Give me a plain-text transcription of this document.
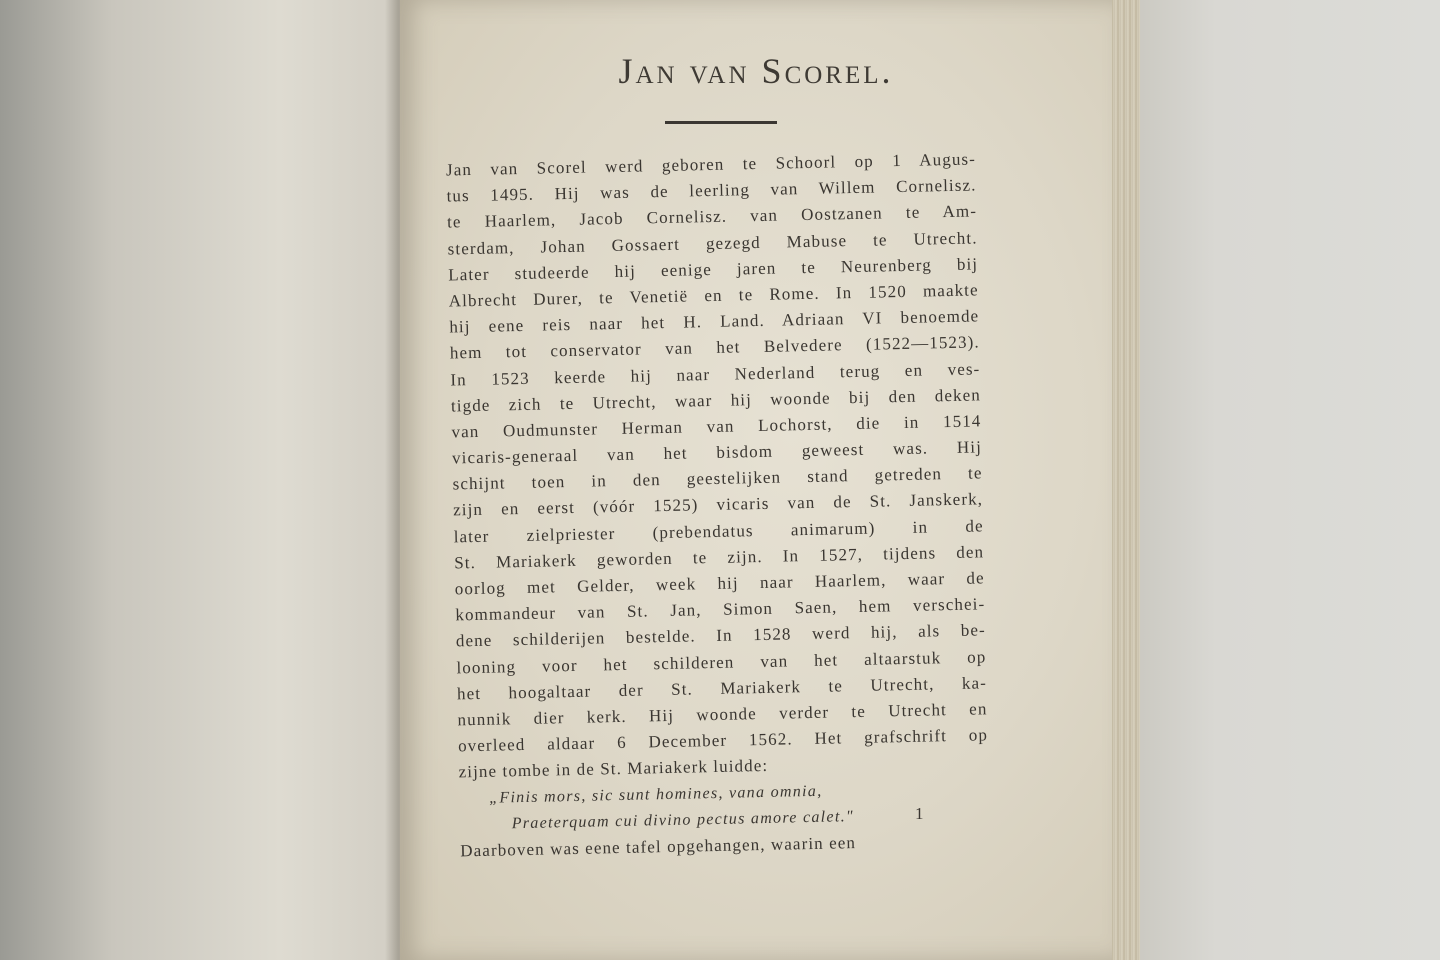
Jan van Scorel.
Jan van Scorel werd geboren te Schoorl op 1 Augus-
tus 1495. Hij was de leerling van Willem Cornelisz.
te Haarlem, Jacob Cornelisz. van Oostzanen te Am-
sterdam, Johan Gossaert gezegd Mabuse te Utrecht.
Later studeerde hij eenige jaren te Neurenberg bij
Albrecht Durer, te Venetië en te Rome. In 1520 maakte
hij eene reis naar het H. Land. Adriaan VI benoemde
hem tot conservator van het Belvedere (1522—1523).
In 1523 keerde hij naar Nederland terug en ves-
tigde zich te Utrecht, waar hij woonde bij den deken
van Oudmunster Herman van Lochorst, die in 1514
vicaris-generaal van het bisdom geweest was. Hij
schijnt toen in den geestelijken stand getreden te
zijn en eerst (vóór 1525) vicaris van de St. Janskerk,
later zielpriester (prebendatus animarum) in de
St. Mariakerk geworden te zijn. In 1527, tijdens den
oorlog met Gelder, week hij naar Haarlem, waar de
kommandeur van St. Jan, Simon Saen, hem verschei-
dene schilderijen bestelde. In 1528 werd hij, als be-
looning voor het schilderen van het altaarstuk op
het hoogaltaar der St. Mariakerk te Utrecht, ka-
nunnik dier kerk. Hij woonde verder te Utrecht en
overleed aldaar 6 December 1562. Het grafschrift op
zijne tombe in de St. Mariakerk luidde:
„Finis mors, sic sunt homines, vana omnia,
Praeterquam cui divino pectus amore calet."
Daarboven was eene tafel opgehangen, waarin een
1
